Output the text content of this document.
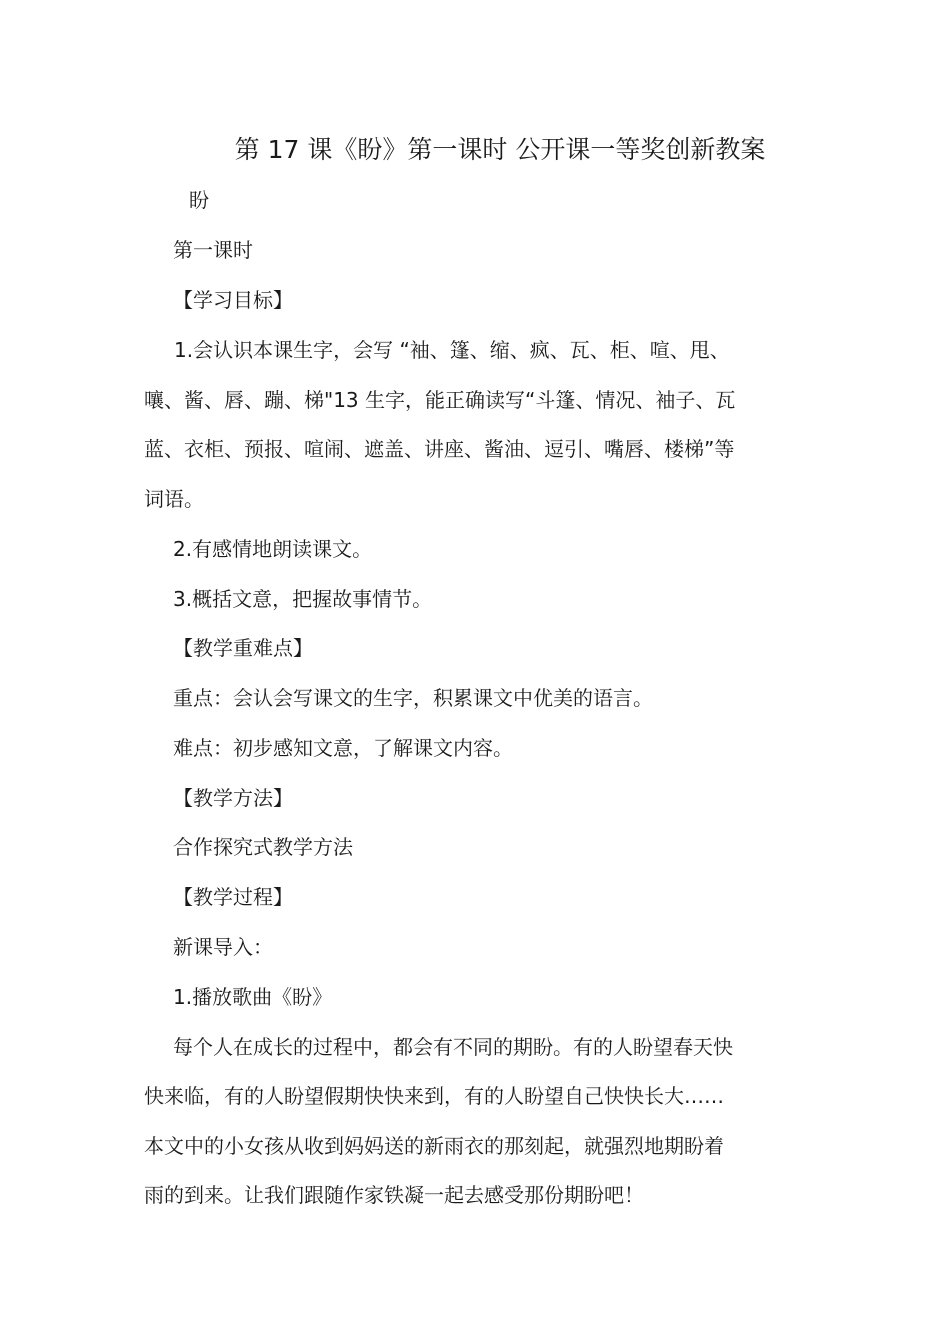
第 17 课《盼》第一课时 公开课一等奖创新教案
盼
第一课时
【学习目标】
1.会认识本课生字，会写 “袖、篷、缩、疯、瓦、柜、喧、甩、
嚷、酱、唇、蹦、梯"13 生字，能正确读写“斗篷、情况、袖子、瓦
蓝、衣柜、预报、喧闹、遮盖、讲座、酱油、逗引、嘴唇、楼梯”等
词语。
2.有感情地朗读课文。
3.概括文意，把握故事情节。
【教学重难点】
重点：会认会写课文的生字，积累课文中优美的语言。
难点：初步感知文意，了解课文内容。
【教学方法】
合作探究式教学方法
【教学过程】
新课导入：
1.播放歌曲《盼》
每个人在成长的过程中，都会有不同的期盼。有的人盼望春天快
快来临，有的人盼望假期快快来到，有的人盼望自己快快长大……
本文中的小女孩从收到妈妈送的新雨衣的那刻起，就强烈地期盼着
雨的到来。让我们跟随作家铁凝一起去感受那份期盼吧！
